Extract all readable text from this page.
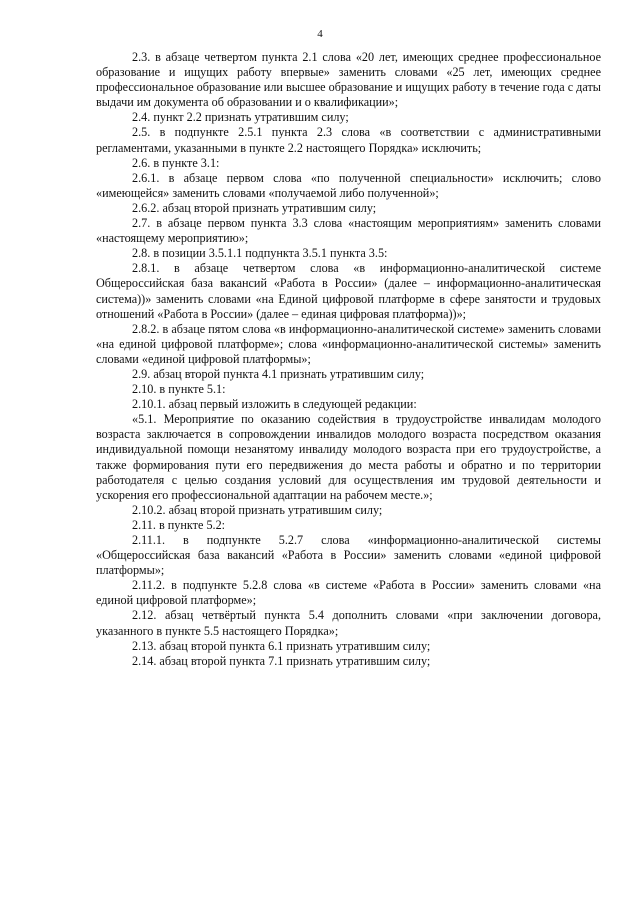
4

2.3. в абзаце четвертом пункта 2.1 слова «20 лет, имеющих среднее профессиональное образование и ищущих работу впервые» заменить словами «25 лет, имеющих среднее профессиональное образование или высшее образование и ищущих работу в течение года с даты выдачи им документа об образовании и о квалификации»;

2.4. пункт 2.2 признать утратившим силу;

2.5. в подпункте 2.5.1 пункта 2.3 слова «в соответствии с административными регламентами, указанными в пункте 2.2 настоящего Порядка» исключить;

2.6. в пункте 3.1:

2.6.1. в абзаце первом слова «по полученной специальности» исключить; слово «имеющейся» заменить словами «получаемой либо полученной»;

2.6.2. абзац второй признать утратившим силу;

2.7. в абзаце первом пункта 3.3 слова «настоящим мероприятиям» заменить словами «настоящему мероприятию»;

2.8. в позиции 3.5.1.1 подпункта 3.5.1 пункта 3.5:

2.8.1. в абзаце четвертом слова «в информационно-аналитической системе Общероссийская база вакансий «Работа в России» (далее – информационно-аналитическая система))» заменить словами «на Единой цифровой платформе в сфере занятости и трудовых отношений «Работа в России» (далее – единая цифровая платформа))»;

2.8.2. в абзаце пятом слова «в информационно-аналитической системе» заменить словами «на единой цифровой платформе»; слова «информационно-аналитической системы» заменить словами «единой цифровой платформы»;

2.9. абзац второй пункта 4.1 признать утратившим силу;

2.10. в пункте 5.1:

2.10.1. абзац первый изложить в следующей редакции:

«5.1. Мероприятие по оказанию содействия в трудоустройстве инвалидам молодого возраста заключается в сопровождении инвалидов молодого возраста посредством оказания индивидуальной помощи незанятому инвалиду молодого возраста при его трудоустройстве, а также формирования пути его передвижения до места работы и обратно и по территории работодателя с целью создания условий для осуществления им трудовой деятельности и ускорения его профессиональной адаптации на рабочем месте.»;

2.10.2. абзац второй признать утратившим силу;

2.11. в пункте 5.2:

2.11.1. в подпункте 5.2.7 слова «информационно-аналитической системы «Общероссийская база вакансий «Работа в России» заменить словами «единой цифровой платформы»;

2.11.2. в подпункте 5.2.8 слова «в системе «Работа в России» заменить словами «на единой цифровой платформе»;

2.12. абзац четвёртый пункта 5.4 дополнить словами «при заключении договора, указанного в пункте 5.5 настоящего Порядка»;

2.13. абзац второй пункта 6.1 признать утратившим силу;

2.14. абзац второй пункта 7.1 признать утратившим силу;
